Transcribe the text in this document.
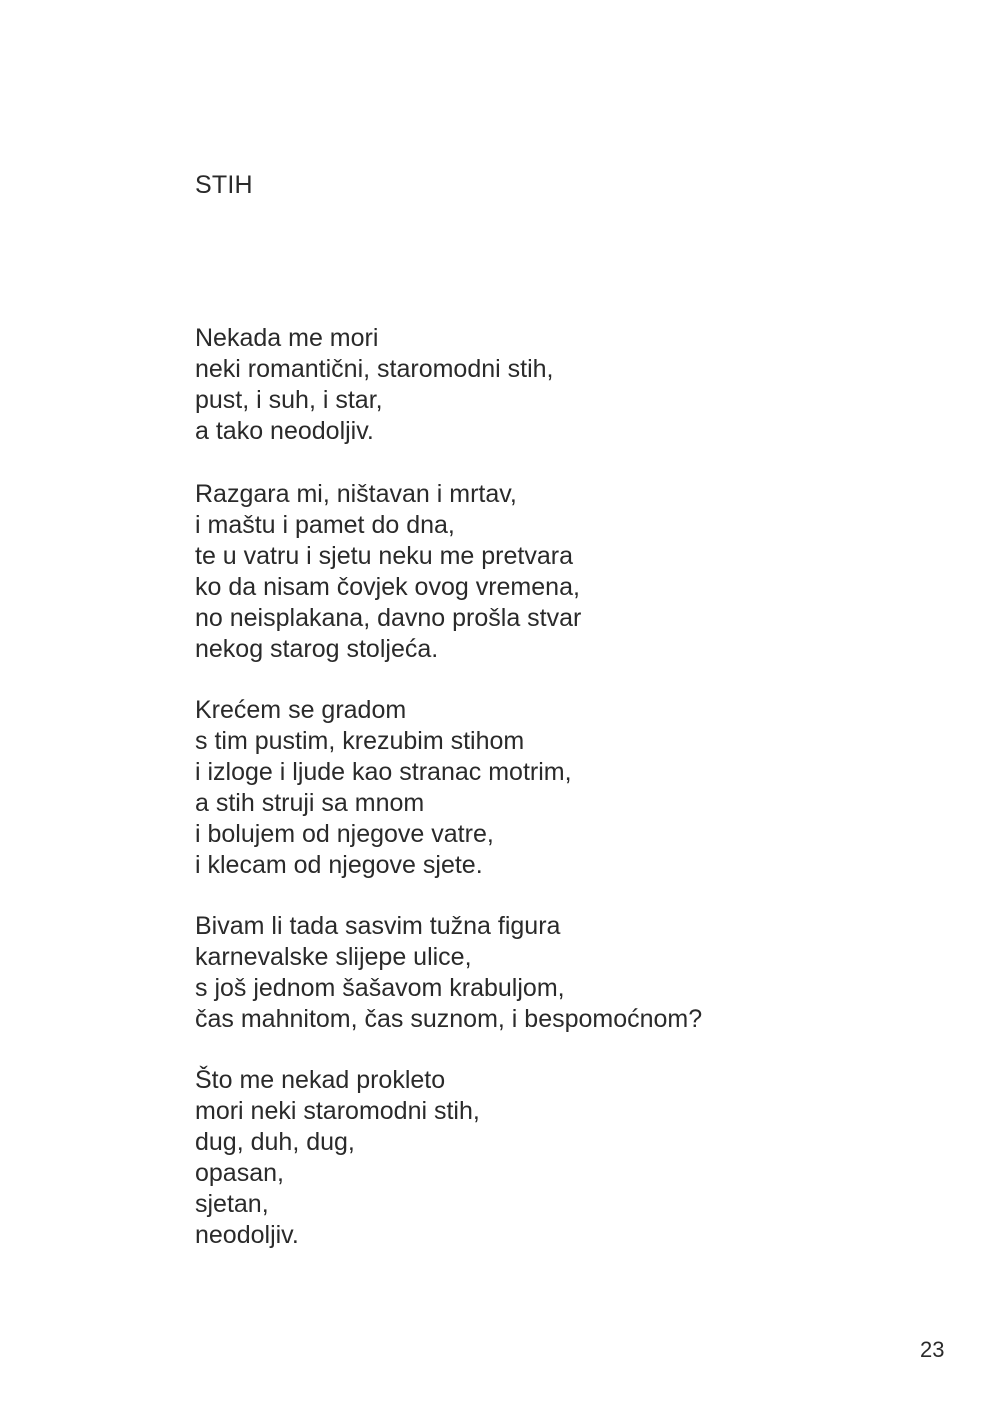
STIH
Nekada me mori
neki romantični, staromodni stih,
pust, i suh, i star,
a tako neodoljiv.
Razgara mi, ništavan i mrtav,
i maštu i pamet do dna,
te u vatru i sjetu neku me pretvara
ko da nisam čovjek ovog vremena,
no neisplakana, davno prošla stvar
nekog starog stoljeća.
Krećem se gradom
s tim pustim, krezubim stihom
i izloge i ljude kao stranac motrim,
a stih struji sa mnom
i bolujem od njegove vatre,
i klecam od njegove sjete.
Bivam li tada sasvim tužna figura
karnevalske slijepe ulice,
s još jednom šašavom krabuljom,
čas mahnitom, čas suznom, i bespomoćnom?
Što me nekad prokleto
mori neki staromodni stih,
dug, duh, dug,
opasan,
sjetan,
neodoljiv.
23
